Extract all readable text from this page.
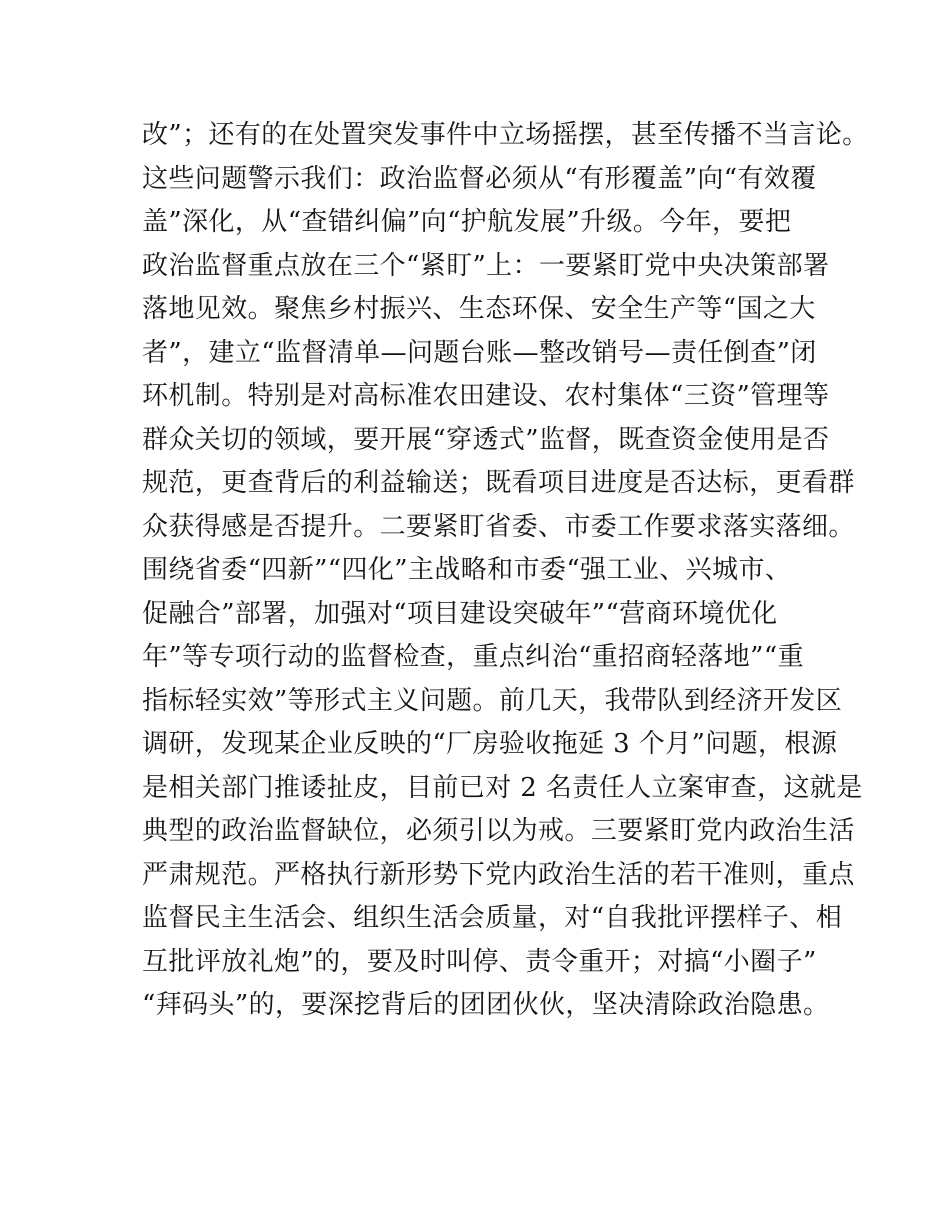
改”；还有的在处置突发事件中立场摇摆，甚至传播不当言论。
这些问题警示我们：政治监督必须从“有形覆盖”向“有效覆
盖”深化，从“查错纠偏”向“护航发展”升级。今年，要把
政治监督重点放在三个“紧盯”上：一要紧盯党中央决策部署
落地见效。聚焦乡村振兴、生态环保、安全生产等“国之大
者”，建立“监督清单—问题台账—整改销号—责任倒查”闭
环机制。特别是对高标准农田建设、农村集体“三资”管理等
群众关切的领域，要开展“穿透式”监督，既查资金使用是否
规范，更查背后的利益输送；既看项目进度是否达标，更看群
众获得感是否提升。二要紧盯省委、市委工作要求落实落细。
围绕省委“四新”“四化”主战略和市委“强工业、兴城市、
促融合”部署，加强对“项目建设突破年”“营商环境优化
年”等专项行动的监督检查，重点纠治“重招商轻落地”“重
指标轻实效”等形式主义问题。前几天，我带队到经济开发区
调研，发现某企业反映的“厂房验收拖延 3 个月”问题，根源
是相关部门推诿扯皮，目前已对 2 名责任人立案审查，这就是
典型的政治监督缺位，必须引以为戒。三要紧盯党内政治生活
严肃规范。严格执行新形势下党内政治生活的若干准则，重点
监督民主生活会、组织生活会质量，对“自我批评摆样子、相
互批评放礼炮”的，要及时叫停、责令重开；对搞“小圈子”
“拜码头”的，要深挖背后的团团伙伙，坚决清除政治隐患。
